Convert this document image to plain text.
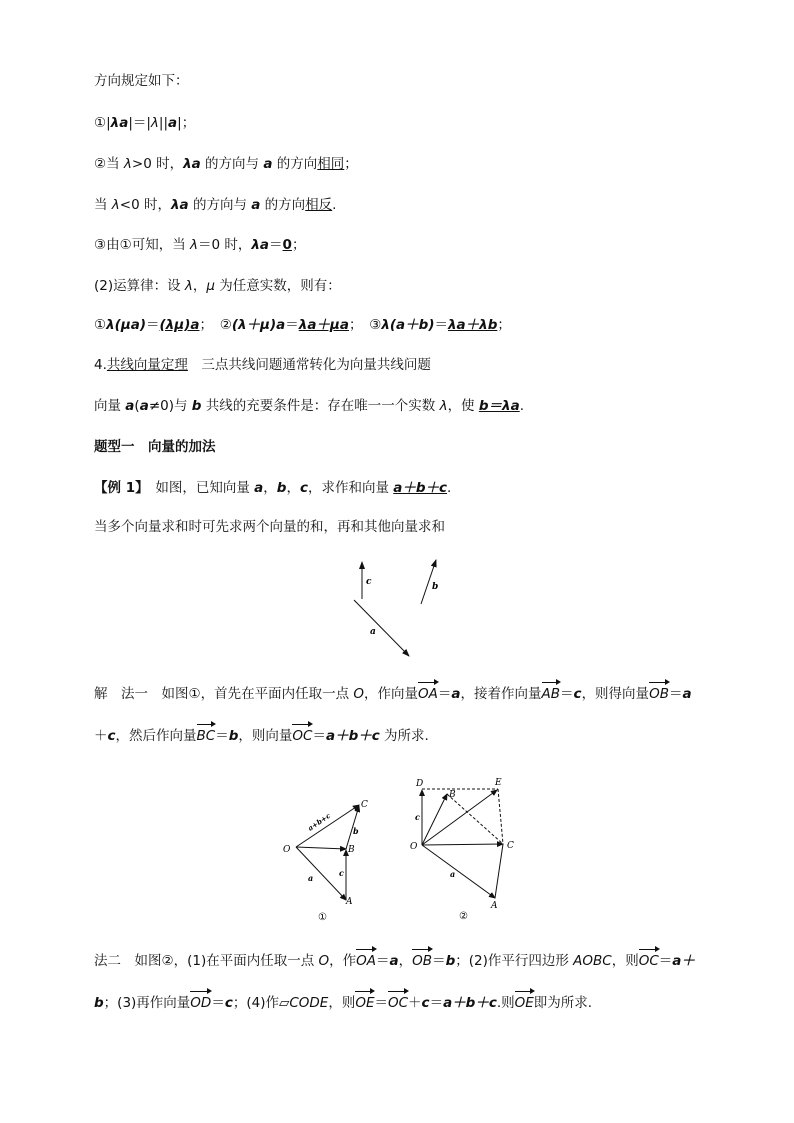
方向规定如下：
①|λa|＝|λ||a|；
②当 λ>0 时，λa 的方向与 a 的方向相同；
当 λ<0 时，λa 的方向与 a 的方向相反.
③由①可知，当 λ＝0 时，λa＝0；
(2)运算律：设 λ，μ 为任意实数，则有：
①λ(μa)＝(λμ)a；　②(λ＋μ)a＝λa＋μa；　③λ(a＋b)＝λa＋λb；
4.共线向量定理　三点共线问题通常转化为向量共线问题
向量 a(a≠0)与 b 共线的充要条件是：存在唯一一个实数 λ，使 b＝λa.
题型一　向量的加法
【例 1】　如图，已知向量 a，b，c，求作和向量 a＋b＋c.
当多个向量求和时可先求两个向量的和，再和其他向量求和
c	b
a
解　法一　如图①，首先在平面内任取一点 O，作向量OA＝a，接着作向量AB＝c，则得向量OB＝a
＋c，然后作向量BC＝b，则向量OC＝a＋b＋c 为所求.
O
A
B
C
a
b
c
a+b+c
①
O
A
B
C
D	E
a
c
②
法二　如图②，(1)在平面内任取一点 O，作OA＝a，OB＝b；(2)作平行四边形 AOBC，则OC＝a＋
b；(3)再作向量OD＝c；(4)作▱CODE，则OE＝OC＋c＝a＋b＋c.则OE即为所求.
